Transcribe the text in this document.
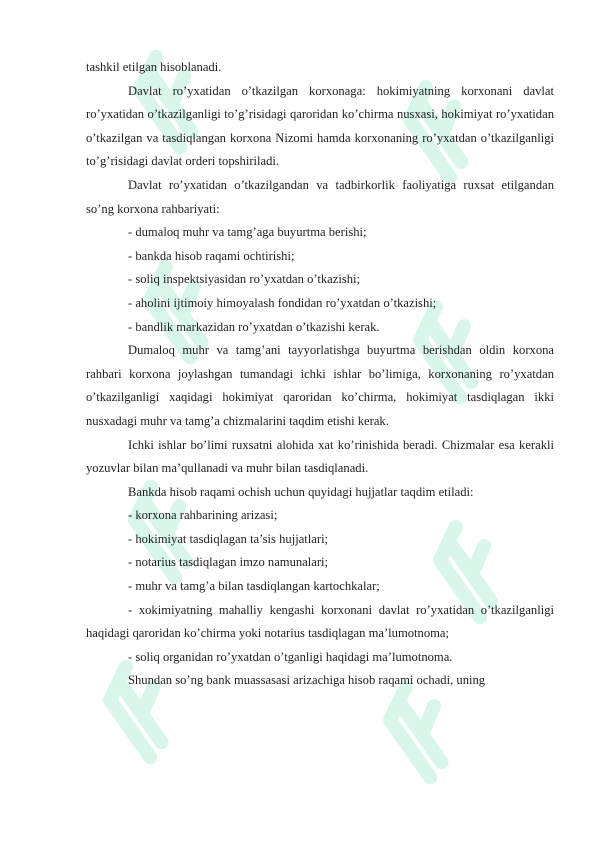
tashkil etilgan hisoblanadi.

Davlat ro’yxatidan o’tkazilgan korxonaga: hokimiyatning korxonani davlat ro’yxatidan o’tkazilganligi to’g’risidagi qaroridan ko’chirma nusxasi, hokimiyat ro’yxatidan o’tkazilgan va tasdiqlangan korxona Nizomi hamda korxonaning ro’yxatdan o’tkazilganligi to’g’risidagi davlat orderi topshiriladi.

Davlat ro’yxatidan o’tkazilgandan va tadbirkorlik faoliyatiga ruxsat etilgandan so’ng korxona rahbariyati:

- dumaloq muhr va tamg’aga buyurtma berishi;

- bankda hisob raqami ochtirishi;

- soliq inspektsiyasidan ro’yxatdan o’tkazishi;

- aholini ijtimoiy himoyalash fondidan ro’yxatdan o’tkazishi;

- bandlik markazidan ro’yxatdan o’tkazishi kerak.

Dumaloq muhr va tamg’ani tayyorlatishga buyurtma berishdan oldin korxona rahbari korxona joylashgan tumandagi ichki ishlar bo’limiga, korxonaning ro’yxatdan o’tkazilganligi xaqidagi hokimiyat qaroridan ko’chirma, hokimiyat tasdiqlagan ikki nusxadagi muhr va tamg’a chizmalarini taqdim etishi kerak.

Ichki ishlar bo’limi ruxsatni alohida xat ko’rinishida beradi. Chizmalar esa kerakli yozuvlar bilan ma’qullanadi va muhr bilan tasdiqlanadi.

Bankda hisob raqami ochish uchun quyidagi hujjatlar taqdim etiladi:

- korxona rahbarining arizasi;

- hokimiyat tasdiqlagan ta’sis hujjatlari;

- notarius tasdiqlagan imzo namunalari;

- muhr va tamg’a bilan tasdiqlangan kartochkalar;

- xokimiyatning mahalliy kengashi korxonani davlat ro’yxatidan o’tkazilganligi haqidagi qaroridan ko’chirma yoki notarius tasdiqlagan ma’lumotnoma;

- soliq organidan ro’yxatdan o’tganligi haqidagi ma’lumotnoma.

Shundan so’ng bank muassasasi arizachiga hisob raqami ochadi, uning
